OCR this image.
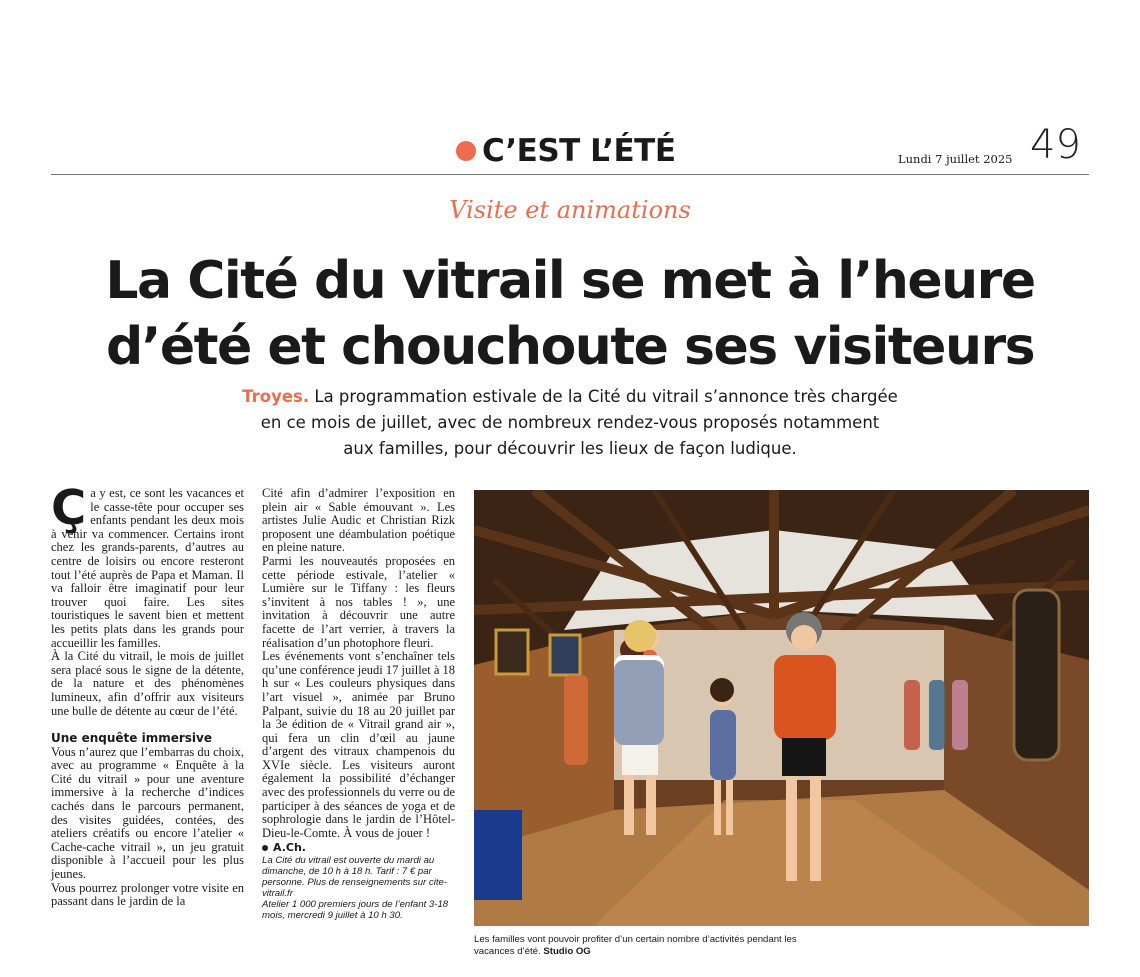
C’EST L’ÉTÉ	Lundi 7 juillet 2025 49
Visite et animations
La Cité du vitrail se met à l’heure
d’été et chouchoute ses visiteurs
Troyes. La programmation estivale de la Cité du vitrail s’annonce très chargée
en ce mois de juillet, avec de nombreux rendez-vous proposés notamment
aux familles, pour découvrir les lieux de façon ludique.

Ça y est, ce sont les vacances et le casse-tête pour occuper ses enfants pendant les deux mois à venir va commencer. Certains iront chez les grands-parents, d’autres au centre de loisirs ou encore resteront tout l’été auprès de Papa et Maman. Il va falloir être imaginatif pour leur trouver quoi faire. Les sites touristiques le savent bien et mettent les petits plats dans les grands pour accueillir les familles.

À la Cité du vitrail, le mois de juillet sera placé sous le signe de la détente, de la nature et des phénomènes lumineux, afin d’offrir aux visiteurs une bulle de détente au cœur de l’été.

Une enquête immersive

Vous n’aurez que l’embarras du choix, avec au programme « Enquête à la Cité du vitrail » pour une aventure immersive à la recherche d’indices cachés dans le parcours permanent, des visites guidées, contées, des ateliers créatifs ou encore l’atelier « Cache-cache vitrail », un jeu gratuit disponible à l’accueil pour les plus jeunes.

Vous pourrez prolonger votre visite en passant dans le jardin de la

Cité afin d’admirer l’exposition en plein air « Sable émouvant ». Les artistes Julie Audic et Christian Rizk proposent une déambulation poétique en pleine nature.

Parmi les nouveautés proposées en cette période estivale, l’atelier « Lumière sur le Tiffany : les fleurs s’invitent à nos tables ! », une invitation à découvrir une autre facette de l’art verrier, à travers la réalisation d’un photophore fleuri.

Les événements vont s’enchaîner tels qu’une conférence jeudi 17 juillet à 18 h sur « Les couleurs physiques dans l’art visuel », animée par Bruno Palpant, suivie du 18 au 20 juillet par la 3e édition de « Vitrail grand air », qui fera un clin d’œil au jaune d’argent des vitraux champenois du XVIe siècle. Les visiteurs auront également la possibilité d’échanger avec des professionnels du verre ou de participer à des séances de yoga et de sophrologie dans le jardin de l’Hôtel-Dieu-le-Comte. À vous de jouer !

A.Ch.

La Cité du vitrail est ouverte du mardi au dimanche, de 10 h à 18 h. Tarif : 7 € par personne. Plus de renseignements sur cite-vitrail.fr

Atelier 1 000 premiers jours de l’enfant 3-18 mois, mercredi 9 juillet à 10 h 30.

Les familles vont pouvoir profiter d’un certain nombre d’activités pendant les vacances d’été. Studio OG
